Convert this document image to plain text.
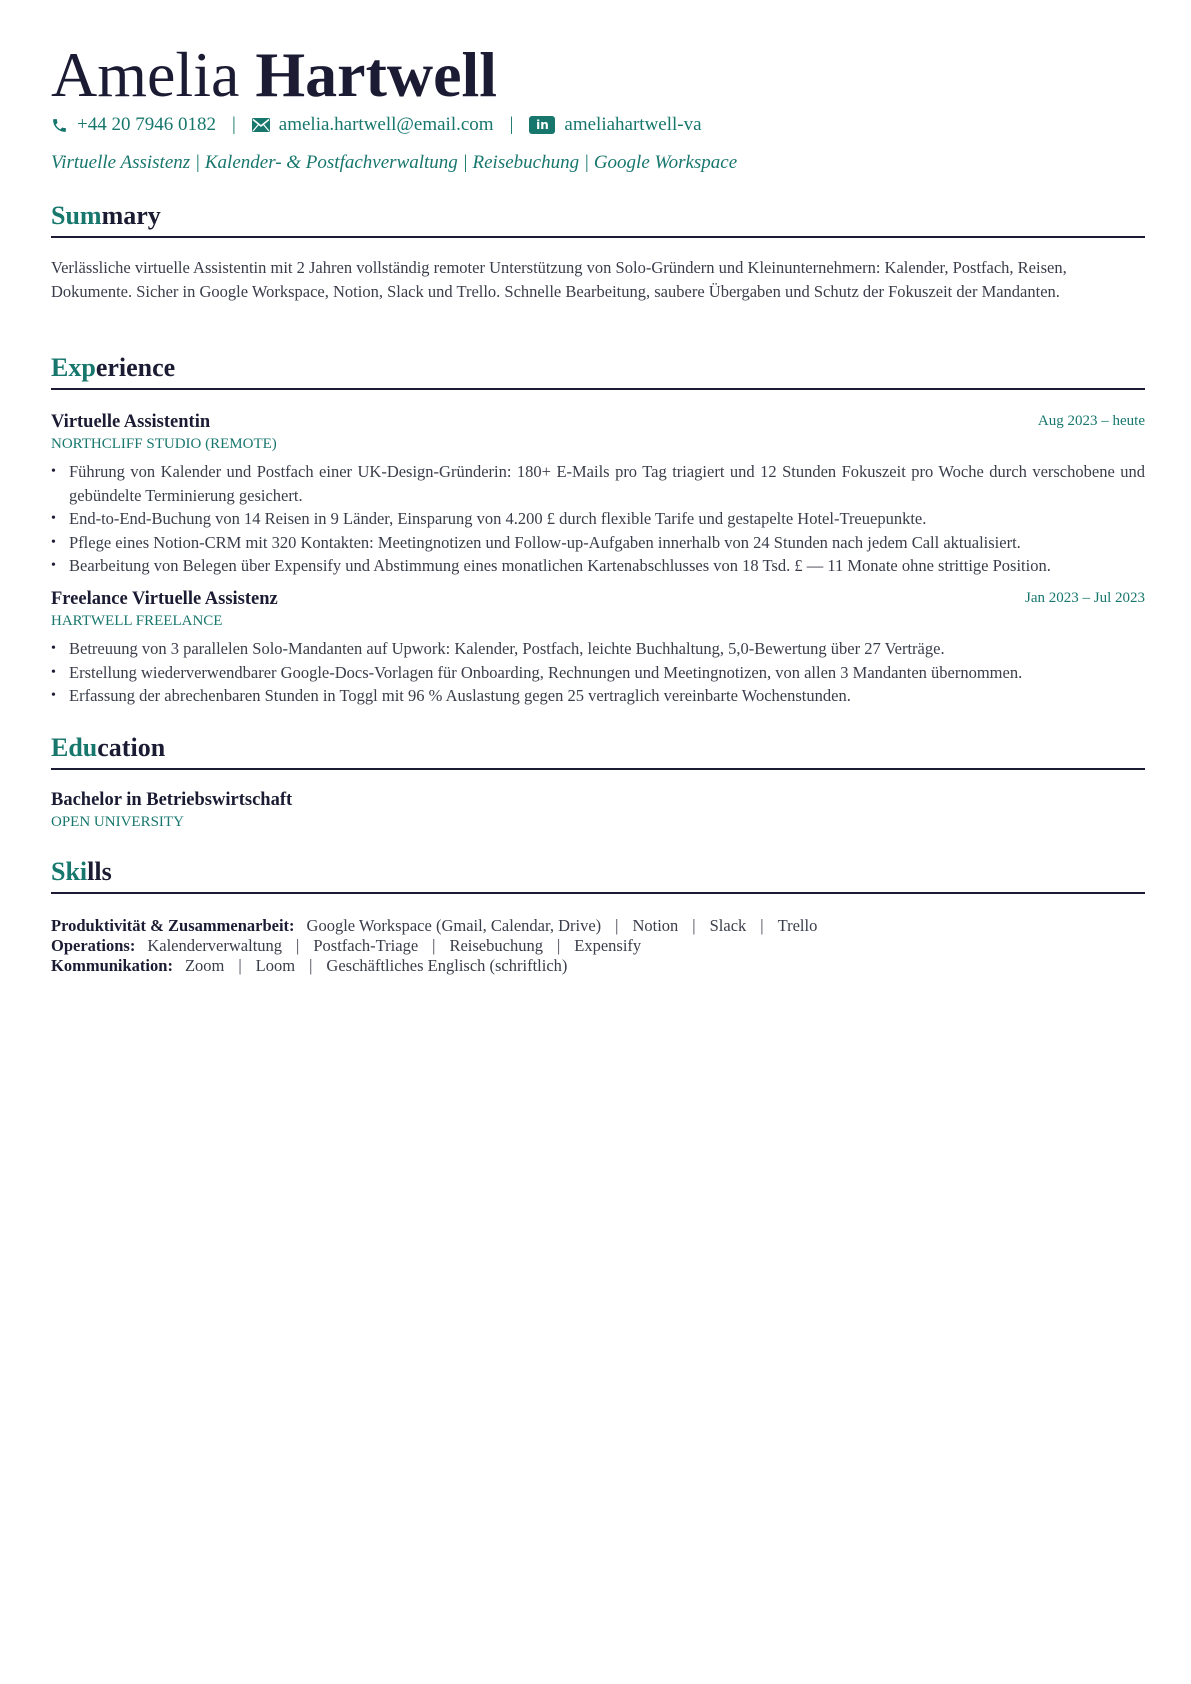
Amelia Hartwell
+44 20 7946 0182 | amelia.hartwell@email.com |	in ameliahartwell-va
Virtuelle Assistenz | Kalender- & Postfachverwaltung | Reisebuchung | Google Workspace
Summary
Verlässliche virtuelle Assistentin mit 2 Jahren vollständig remoter Unterstützung von Solo-Gründern und Kleinunternehmern: Kalender, Postfach, Reisen, Dokumente. Sicher in Google Workspace, Notion, Slack und Trello. Schnelle Bearbeitung, saubere Übergaben und Schutz der Fokuszeit der Mandanten.
Experience
Virtuelle Assistentin	Aug 2023 – heute
NORTHCLIFF STUDIO (REMOTE)
• Führung von Kalender und Postfach einer UK-Design-Gründerin: 180+ E-Mails pro Tag triagiert und 12 Stunden Fokuszeit pro Woche durch verschobene und gebündelte Terminierung gesichert.
• End-to-End-Buchung von 14 Reisen in 9 Länder, Einsparung von 4.200 £ durch flexible Tarife und gestapelte Hotel-Treuepunkte.
• Pflege eines Notion-CRM mit 320 Kontakten: Meetingnotizen und Follow-up-Aufgaben innerhalb von 24 Stunden nach jedem Call aktualisiert.
• Bearbeitung von Belegen über Expensify und Abstimmung eines monatlichen Kartenabschlusses von 18 Tsd. £ — 11 Monate ohne strittige Position.
Freelance Virtuelle Assistenz	Jan 2023 – Jul 2023
HARTWELL FREELANCE
• Betreuung von 3 parallelen Solo-Mandanten auf Upwork: Kalender, Postfach, leichte Buchhaltung, 5,0-Bewertung über 27 Verträge.
• Erstellung wiederverwendbarer Google-Docs-Vorlagen für Onboarding, Rechnungen und Meetingnotizen, von allen 3 Mandanten übernommen.
• Erfassung der abrechenbaren Stunden in Toggl mit 96 % Auslastung gegen 25 vertraglich vereinbarte Wochenstunden.
Education
Bachelor in Betriebswirtschaft
OPEN UNIVERSITY
Skills
Produktivität & Zusammenarbeit: Google Workspace (Gmail, Calendar, Drive) | Notion | Slack | Trello
Operations: Kalenderverwaltung | Postfach-Triage | Reisebuchung | Expensify
Kommunikation: Zoom | Loom | Geschäftliches Englisch (schriftlich)
